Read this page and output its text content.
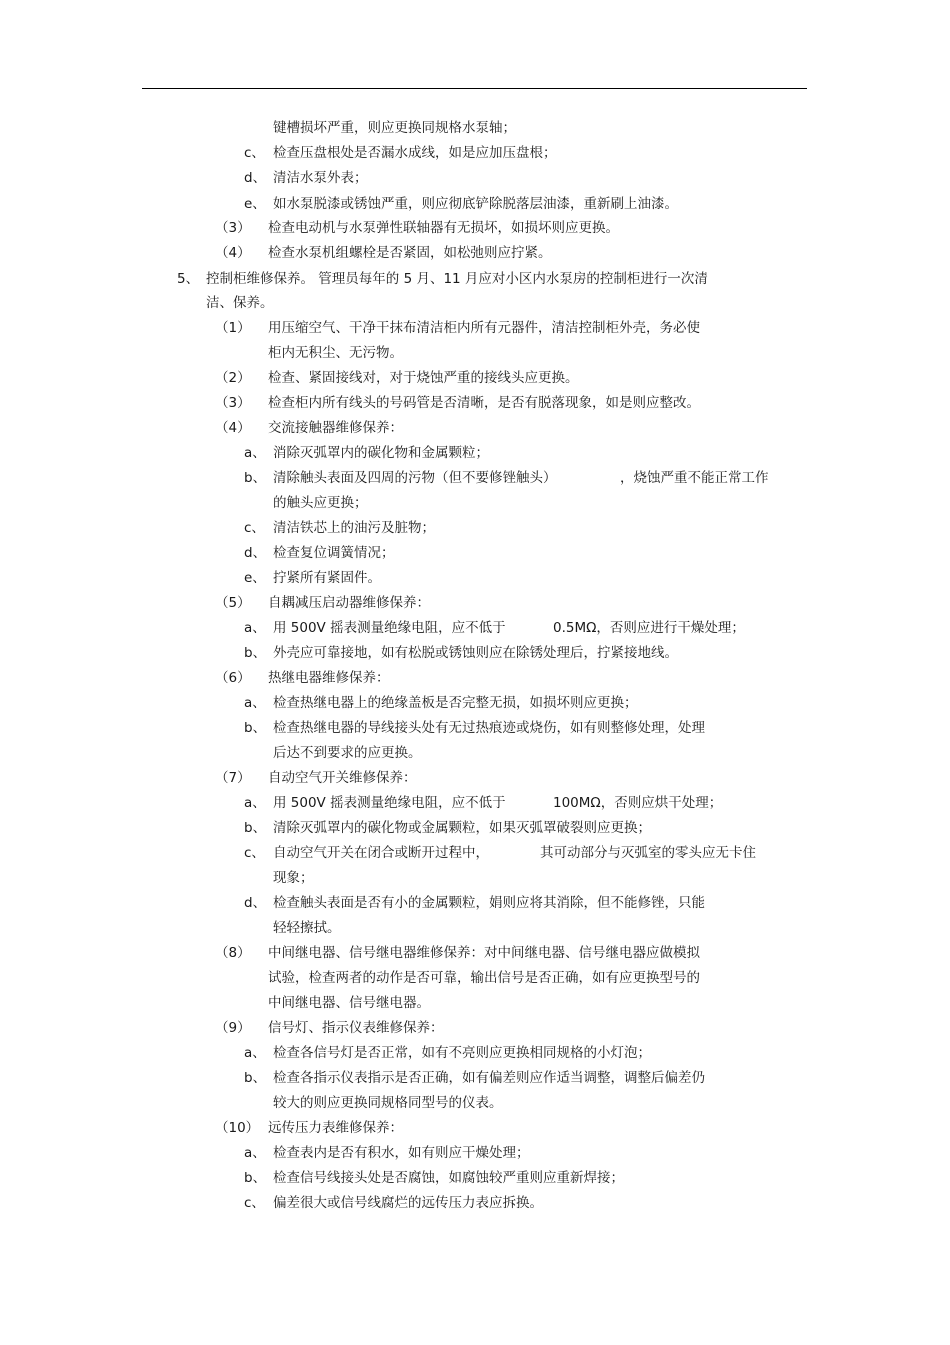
键槽损坏严重，则应更换同规格水泵轴；
c、 检查压盘根处是否漏水成线，如是应加压盘根；
d、 清洁水泵外表；
e、 如水泵脱漆或锈蚀严重，则应彻底铲除脱落层油漆，重新刷上油漆。
（3） 检查电动机与水泵弹性联轴器有无损坏，如损坏则应更换。
（4） 检查水泵机组螺栓是否紧固，如松弛则应拧紧。
5、 控制柜维修保养。 管理员每年的 5 月、11 月应对小区内水泵房的控制柜进行一次清
洁、保养。
（1） 用压缩空气、干净干抹布清洁柜内所有元器件，清洁控制柜外壳，务必使
柜内无积尘、无污物。
（2） 检查、紧固接线对，对于烧蚀严重的接线头应更换。
（3） 检查柜内所有线头的号码管是否清晰，是否有脱落现象，如是则应整改。
（4） 交流接触器维修保养：
a、 消除灭弧罩内的碳化物和金属颗粒；
b、 清除触头表面及四周的污物（但不要修锉触头）	，烧蚀严重不能正常工作
的触头应更换；
c、 清洁铁芯上的油污及脏物；
d、 检查复位调簧情况；
e、 拧紧所有紧固件。
（5） 自耦减压启动器维修保养：
a、 用 500V 摇表测量绝缘电阻，应不低于	0.5MΩ，否则应进行干燥处理；
b、 外壳应可靠接地，如有松脱或锈蚀则应在除锈处理后，拧紧接地线。
（6） 热继电器维修保养：
a、 检查热继电器上的绝缘盖板是否完整无损，如损坏则应更换；
b、 检查热继电器的导线接头处有无过热痕迹或烧伤，如有则整修处理，处理
后达不到要求的应更换。
（7） 自动空气开关维修保养：
a、 用 500V 摇表测量绝缘电阻，应不低于	100MΩ，否则应烘干处理；
b、 清除灭弧罩内的碳化物或金属颗粒，如果灭弧罩破裂则应更换；
c、 自动空气开关在闭合或断开过程中，	其可动部分与灭弧室的零头应无卡住
现象；
d、 检查触头表面是否有小的金属颗粒，娟则应将其消除，但不能修锉，只能
轻轻擦拭。
（8） 中间继电器、信号继电器维修保养：对中间继电器、信号继电器应做模拟
试验，检查两者的动作是否可靠，输出信号是否正确，如有应更换型号的
中间继电器、信号继电器。
（9） 信号灯、指示仪表维修保养：
a、 检查各信号灯是否正常，如有不亮则应更换相同规格的小灯泡；
b、 检查各指示仪表指示是否正确，如有偏差则应作适当调整，调整后偏差仍
较大的则应更换同规格同型号的仪表。
（10） 远传压力表维修保养：
a、 检查表内是否有积水，如有则应干燥处理；
b、 检查信号线接头处是否腐蚀，如腐蚀较严重则应重新焊接；
c、 偏差很大或信号线腐烂的远传压力表应拆换。
